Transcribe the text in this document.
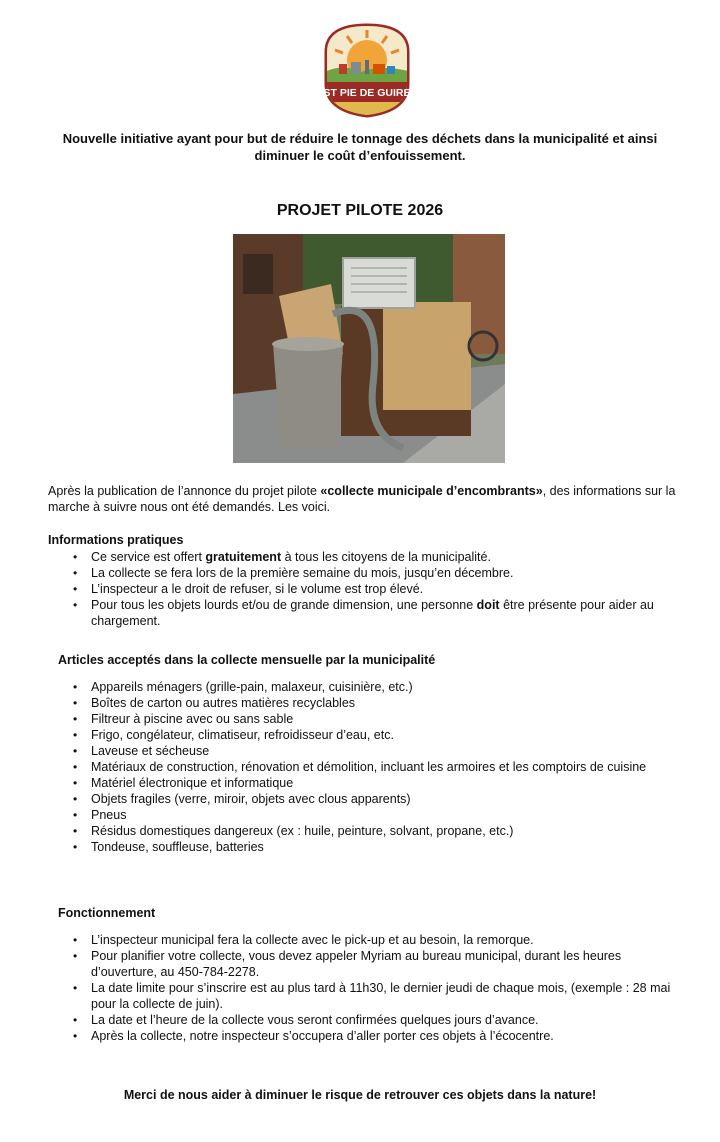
ST PIE DE GUIRE
Nouvelle initiative ayant pour but de réduire le tonnage des déchets dans la municipalité et ainsi diminuer le coût d’enfouissement.
PROJET PILOTE 2026
Après la publication de l’annonce du projet pilote «collecte municipale d’encombrants», des informations sur la marche à suivre nous ont été demandés. Les voici.
Informations pratiques
• Ce service est offert gratuitement à tous les citoyens de la municipalité.
• La collecte se fera lors de la première semaine du mois, jusqu’en décembre.
• L’inspecteur a le droit de refuser, si le volume est trop élevé.
• Pour tous les objets lourds et/ou de grande dimension, une personne doit être présente pour aider au chargement.
Articles acceptés dans la collecte mensuelle par la municipalité
• Appareils ménagers (grille-pain, malaxeur, cuisinière, etc.)
• Boîtes de carton ou autres matières recyclables
• Filtreur à piscine avec ou sans sable
• Frigo, congélateur, climatiseur, refroidisseur d’eau, etc.
• Laveuse et sécheuse
• Matériaux de construction, rénovation et démolition, incluant les armoires et les comptoirs de cuisine
• Matériel électronique et informatique
• Objets fragiles (verre, miroir, objets avec clous apparents)
• Pneus
• Résidus domestiques dangereux (ex : huile, peinture, solvant, propane, etc.)
• Tondeuse, souffleuse, batteries
Fonctionnement
• L’inspecteur municipal fera la collecte avec le pick-up et au besoin, la remorque.
• Pour planifier votre collecte, vous devez appeler Myriam au bureau municipal, durant les heures d’ouverture, au 450-784-2278.
• La date limite pour s’inscrire est au plus tard à 11h30, le dernier jeudi de chaque mois, (exemple : 28 mai pour la collecte de juin).
• La date et l’heure de la collecte vous seront confirmées quelques jours d’avance.
• Après la collecte, notre inspecteur s’occupera d’aller porter ces objets à l’écocentre.
Merci de nous aider à diminuer le risque de retrouver ces objets dans la nature!
